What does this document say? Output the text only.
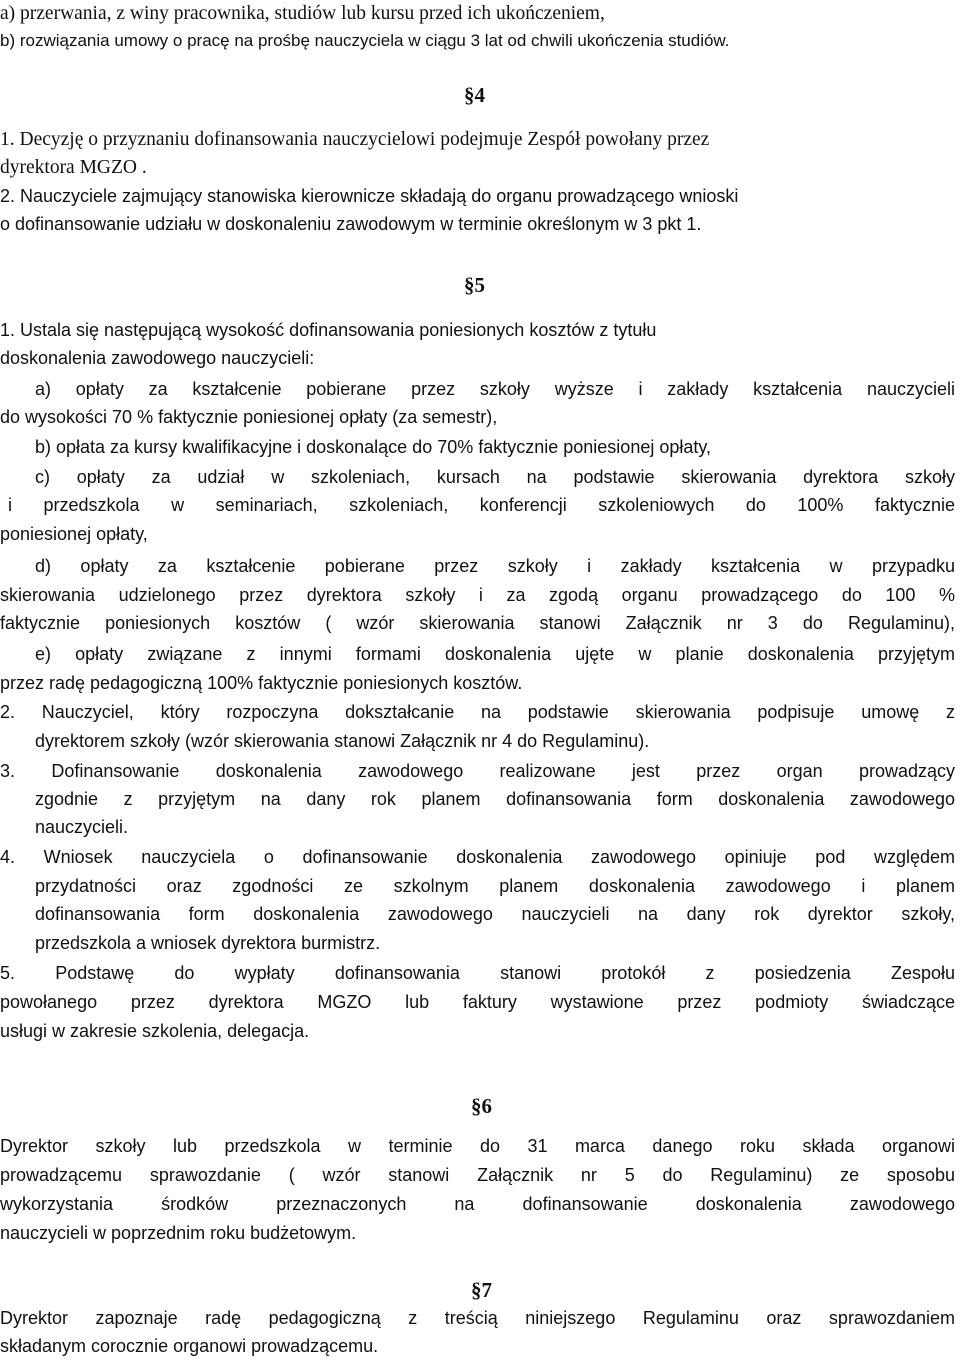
a) przerwania, z winy pracownika, studiów lub kursu przed ich ukończeniem,
b) rozwiązania umowy o pracę na prośbę nauczyciela w ciągu 3 lat od chwili ukończenia studiów.
§4
1. Decyzję o przyznaniu dofinansowania nauczycielowi podejmuje Zespół powołany przez
dyrektora MGZO .
2. Nauczyciele zajmujący stanowiska kierownicze składają do organu prowadzącego wnioski
o dofinansowanie udziału w doskonaleniu zawodowym w terminie określonym w 3 pkt 1.
§5
1. Ustala się następującą wysokość dofinansowania poniesionych kosztów z tytułu
doskonalenia zawodowego nauczycieli:
a) opłaty za kształcenie pobierane przez szkoły wyższe i zakłady kształcenia nauczycieli
do wysokości 70 % faktycznie poniesionej opłaty (za semestr),
b) opłata za kursy kwalifikacyjne i doskonalące do 70% faktycznie poniesionej opłaty,
c) opłaty za udział w szkoleniach, kursach na podstawie skierowania dyrektora szkoły
i przedszkola w seminariach, szkoleniach, konferencji szkoleniowych do 100% faktycznie
poniesionej opłaty,
d) opłaty za kształcenie pobierane przez szkoły i zakłady kształcenia w przypadku
skierowania udzielonego przez dyrektora szkoły i za zgodą organu prowadzącego do 100 %
faktycznie poniesionych kosztów ( wzór skierowania stanowi Załącznik nr 3 do Regulaminu),
e) opłaty związane z innymi formami doskonalenia ujęte w planie doskonalenia przyjętym
przez radę pedagogiczną 100% faktycznie poniesionych kosztów.
2. Nauczyciel, który rozpoczyna dokształcanie na podstawie skierowania podpisuje umowę z
dyrektorem szkoły (wzór skierowania stanowi Załącznik nr 4 do Regulaminu).
3. Dofinansowanie doskonalenia zawodowego realizowane jest przez organ prowadzący
zgodnie z przyjętym na dany rok planem dofinansowania form doskonalenia zawodowego
nauczycieli.
4. Wniosek nauczyciela o dofinansowanie doskonalenia zawodowego opiniuje pod względem
przydatności oraz zgodności ze szkolnym planem doskonalenia zawodowego i planem
dofinansowania form doskonalenia zawodowego nauczycieli na dany rok dyrektor szkoły,
przedszkola a wniosek dyrektora burmistrz.
5. Podstawę do wypłaty dofinansowania stanowi protokół z posiedzenia Zespołu
powołanego przez dyrektora MGZO lub faktury wystawione przez podmioty świadczące
usługi w zakresie szkolenia, delegacja.
§6
Dyrektor szkoły lub przedszkola w terminie do 31 marca danego roku składa organowi
prowadzącemu sprawozdanie ( wzór stanowi Załącznik nr 5 do Regulaminu) ze sposobu
wykorzystania środków przeznaczonych na dofinansowanie doskonalenia zawodowego
nauczycieli w poprzednim roku budżetowym.
§7
Dyrektor zapoznaje radę pedagogiczną z treścią niniejszego Regulaminu oraz sprawozdaniem
składanym corocznie organowi prowadzącemu.
